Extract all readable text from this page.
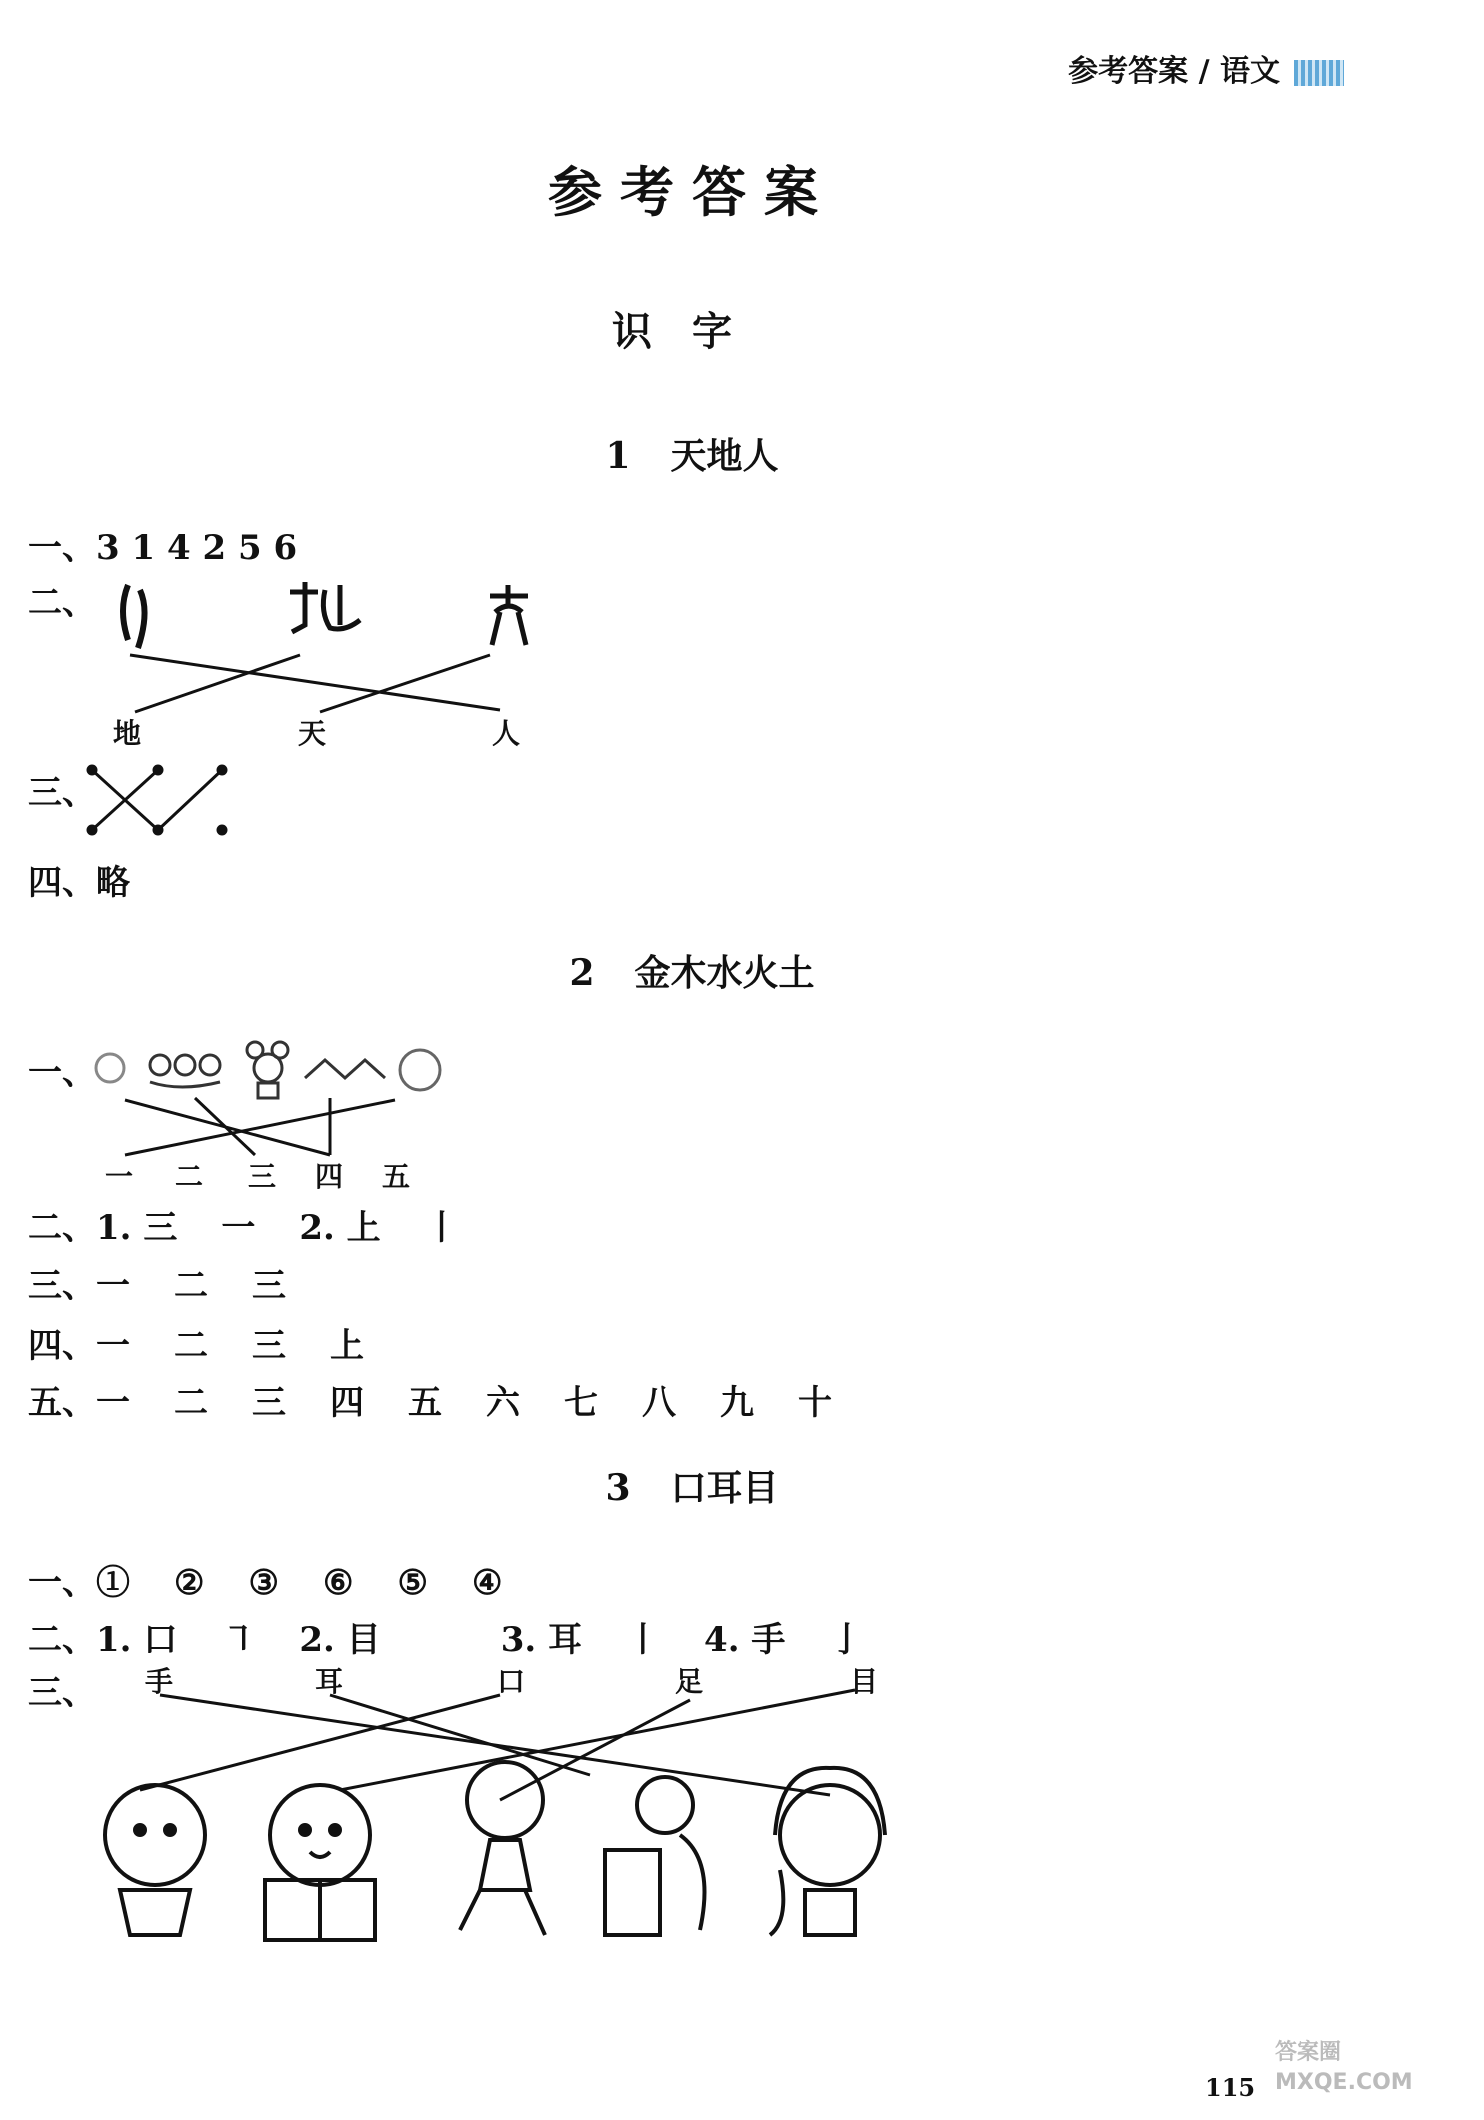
参考答案 / 语文
参考答案
识字
1 天地人
一、3 1 4 2 5 6
二、
地	天	人
三、
四、略
2 金木水火土
一、
一 二 三 四 五
二、1. 三 一 2. 上 丨
三、一 二 三
四、一 二 三 上
五、一 二 三 四 五 六 七 八 九 十
3 口耳目
一、① ② ③ ⑥ ⑤ ④
二、1. 口 ㇕ 2. 目	3. 耳 丨 4. 手 亅
三、 手	耳	口	足	目
115
答案圈
MXQE.COM
